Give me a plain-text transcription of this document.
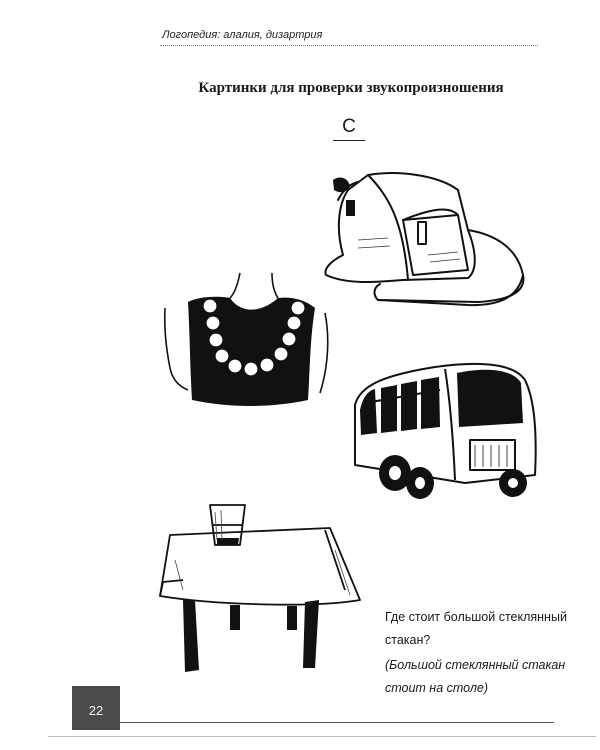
Логопедия: алалия, дизартрия
Картинки для проверки звукопроизношения
С
Где стоит большой стеклянный стакан?
(Большой стеклянный стакан стоит на столе)
22
